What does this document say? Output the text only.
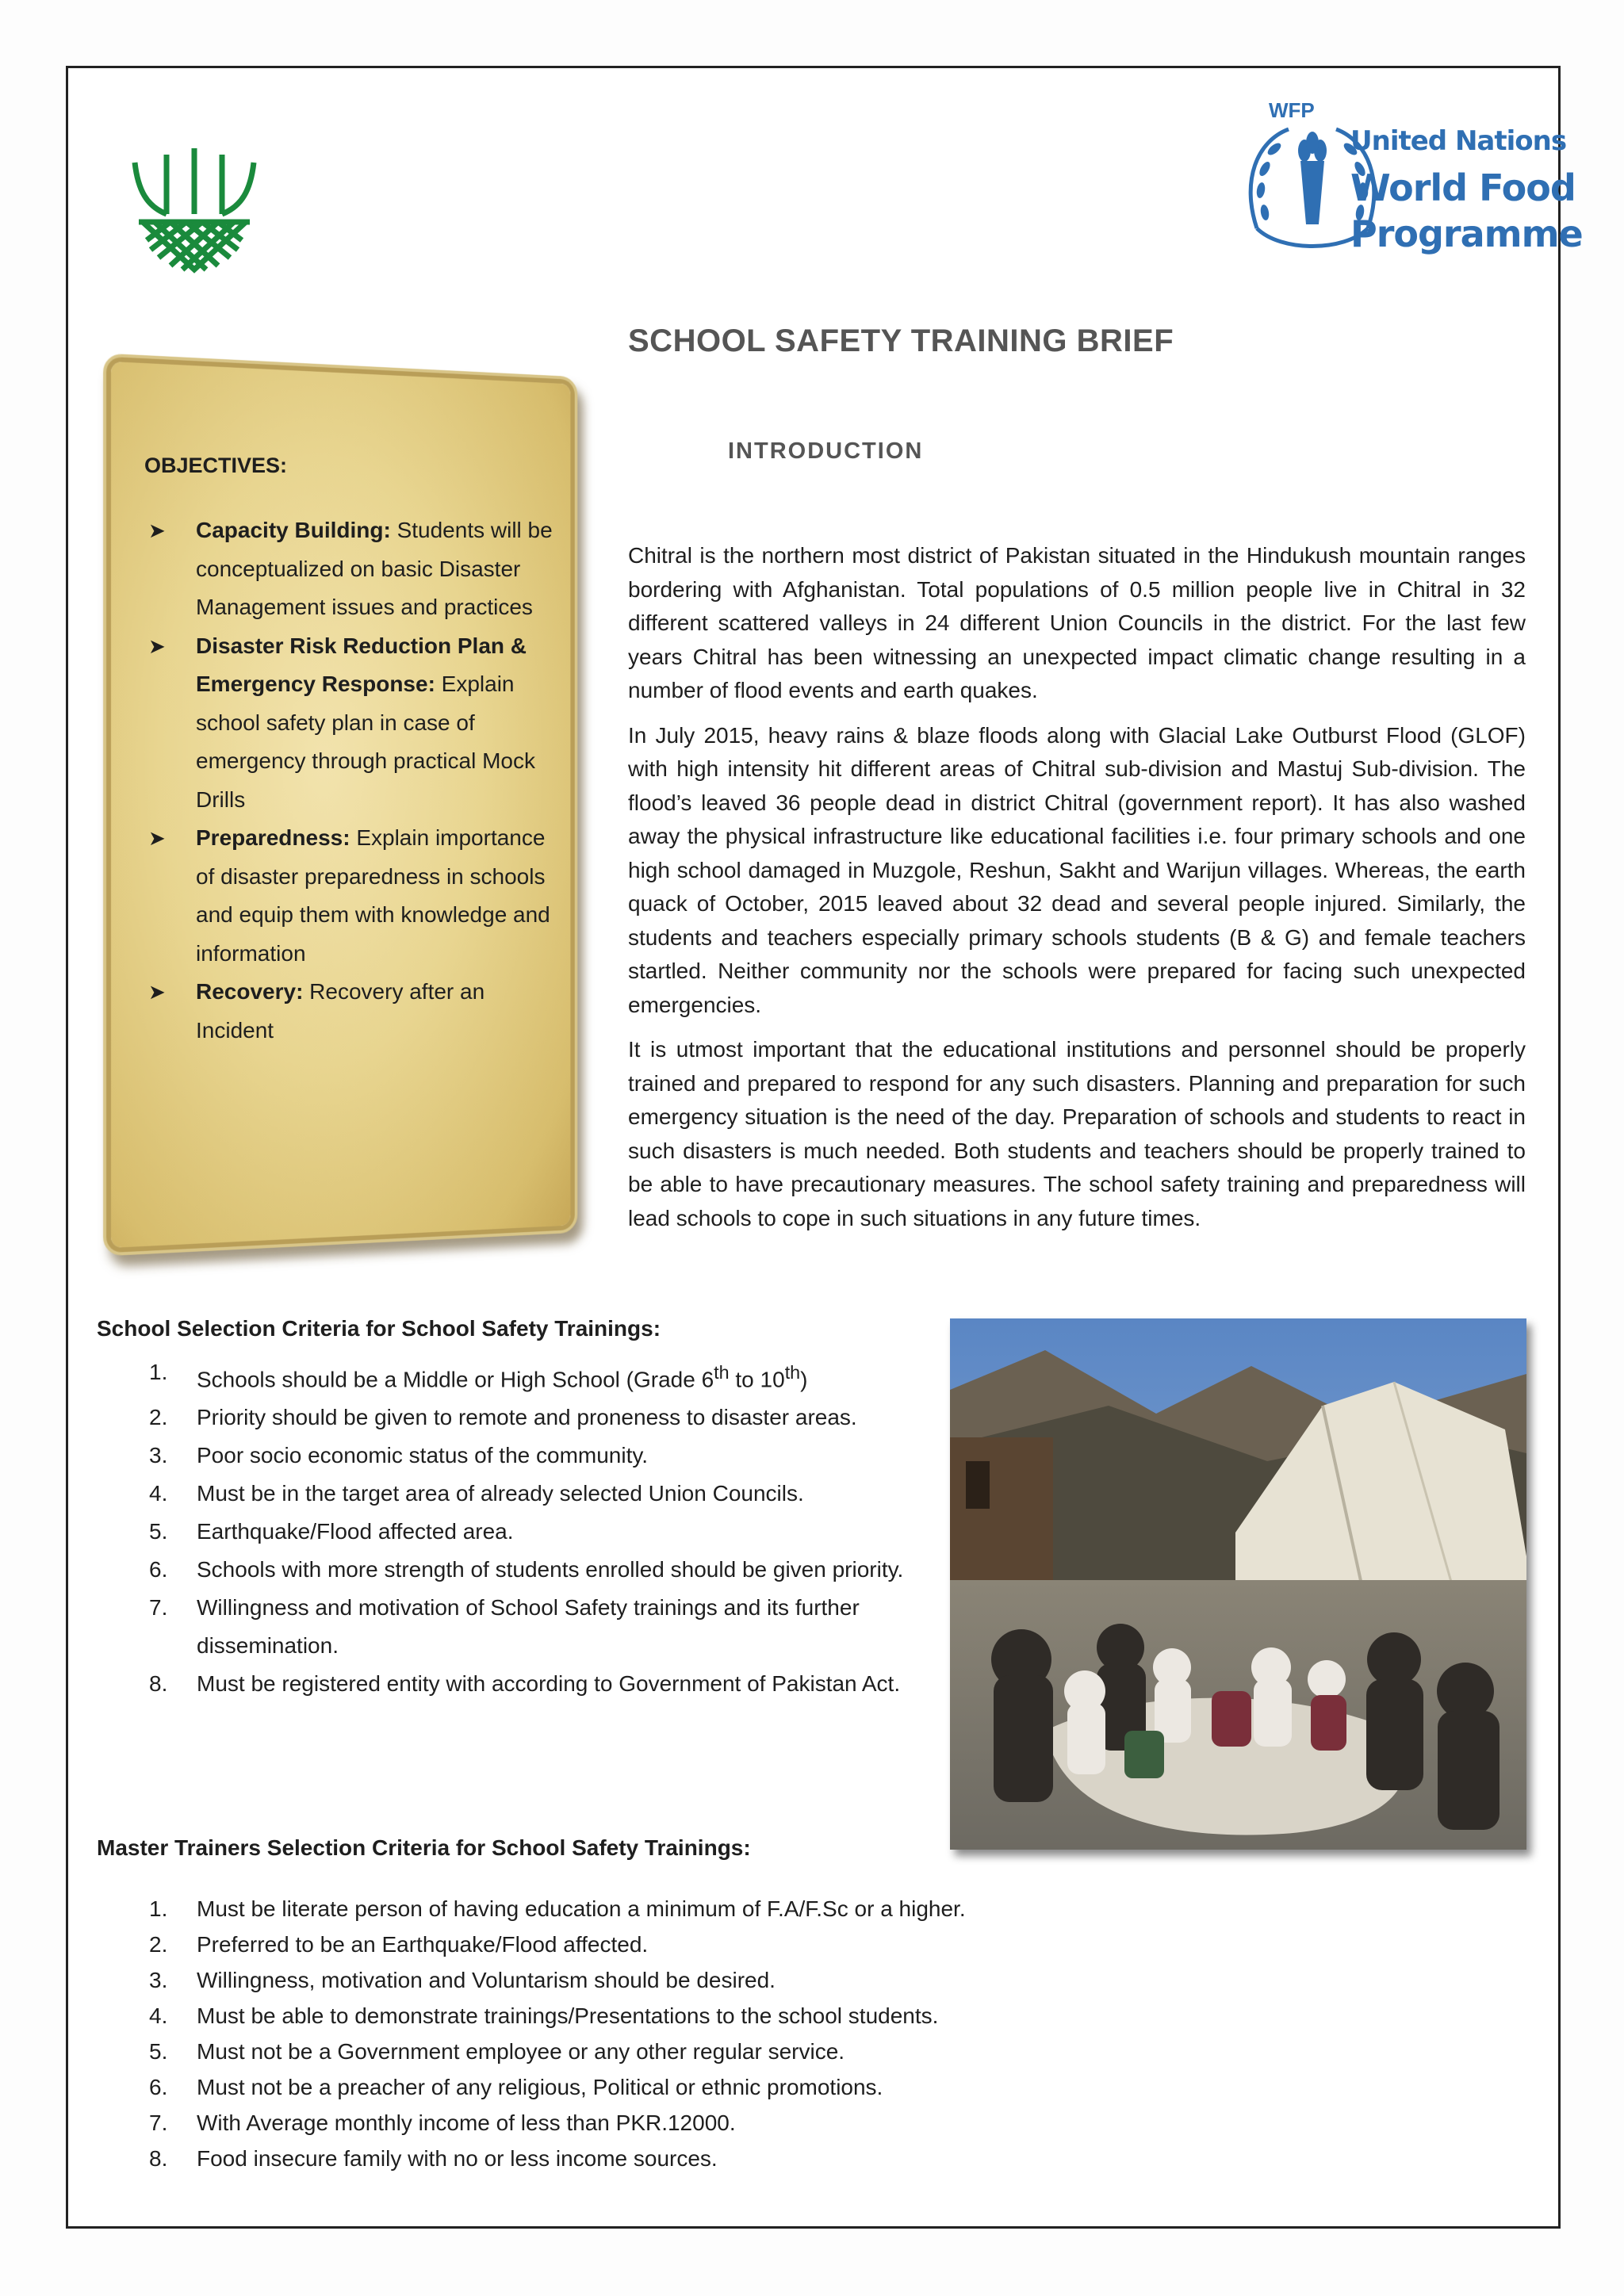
WFP
United Nations
World Food
Programme
SCHOOL SAFETY TRAINING BRIEF
OBJECTIVES:
➤ Capacity Building: Students will be conceptualized on basic Disaster Management issues and practices
➤ Disaster Risk Reduction Plan & Emergency Response: Explain school safety plan in case of emergency through practical Mock Drills
➤ Preparedness: Explain importance of disaster preparedness in schools and equip them with knowledge and information
➤ Recovery: Recovery after an Incident
INTRODUCTION

Chitral is the northern most district of Pakistan situated in the Hindukush mountain ranges bordering with Afghanistan. Total populations of 0.5 million people live in Chitral in 32 different scattered valleys in 24 different Union Councils in the district. For the last few years Chitral has been witnessing an unexpected impact climatic change resulting in a number of flood events and earth quakes.

In July 2015, heavy rains & blaze floods along with Glacial Lake Outburst Flood (GLOF) with high intensity hit different areas of Chitral sub-division and Mastuj Sub-division. The flood’s leaved 36 people dead in district Chitral (government report). It has also washed away the physical infrastructure like educational facilities i.e. four primary schools and one high school damaged in Muzgole, Reshun, Sakht and Warijun villages. Whereas, the earth quack of October, 2015 leaved about 32 dead and several people injured. Similarly, the students and teachers especially primary schools students (B & G) and female teachers startled. Neither community nor the schools were prepared for facing such unexpected emergencies.

It is utmost important that the educational institutions and personnel should be properly trained and prepared to respond for any such disasters. Planning and preparation for such emergency situation is the need of the day. Preparation of schools and students to react in such disasters is much needed. Both students and teachers should be properly trained to be able to have precautionary measures. The school safety training and preparedness will lead schools to cope in such situations in any future times.

School Selection Criteria for School Safety Trainings:
1. Schools should be a Middle or High School (Grade 6th to 10th)
2. Priority should be given to remote and proneness to disaster areas.
3. Poor socio economic status of the community.
4. Must be in the target area of already selected Union Councils.
5. Earthquake/Flood affected area.
6. Schools with more strength of students enrolled should be given priority.
7. Willingness and motivation of School Safety trainings and its further dissemination.
8. Must be registered entity with according to Government of Pakistan Act.
Master Trainers Selection Criteria for School Safety Trainings:
1. Must be literate person of having education a minimum of F.A/F.Sc or a higher.
2. Preferred to be an Earthquake/Flood affected.
3. Willingness, motivation and Voluntarism should be desired.
4. Must be able to demonstrate trainings/Presentations to the school students.
5. Must not be a Government employee or any other regular service.
6. Must not be a preacher of any religious, Political or ethnic promotions.
7. With Average monthly income of less than PKR.12000.
8. Food insecure family with no or less income sources.
